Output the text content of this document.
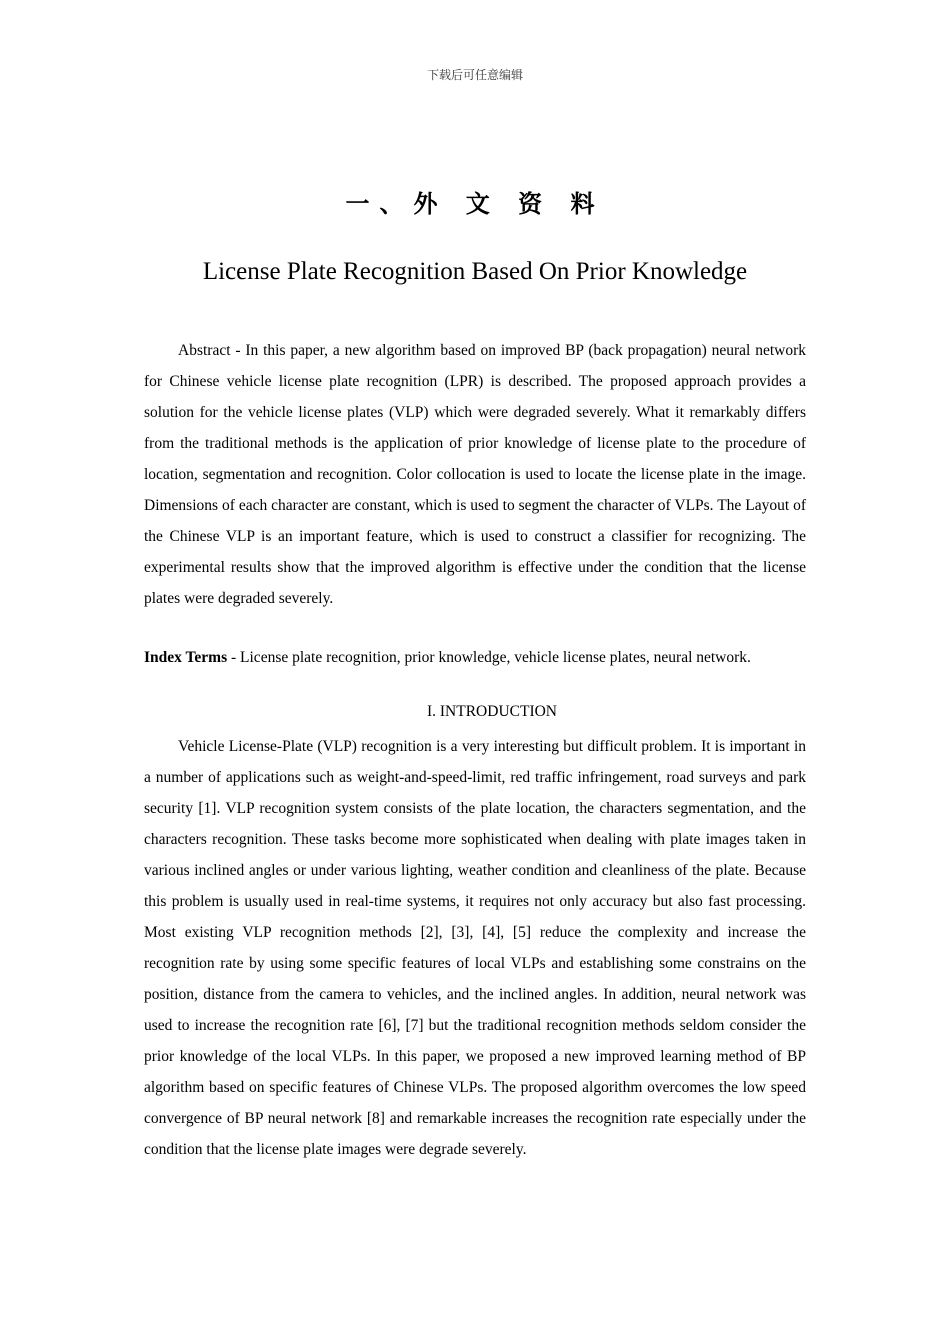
下载后可任意编辑
一、外 文 资 料
License Plate Recognition Based On Prior Knowledge

Abstract - In this paper, a new algorithm based on improved BP (back propagation) neural network for Chinese vehicle license plate recognition (LPR) is described. The proposed approach provides a solution for the vehicle license plates (VLP) which were degraded severely. What it remarkably differs from the traditional methods is the application of prior knowledge of license plate to the procedure of location, segmentation and recognition. Color collocation is used to locate the license plate in the image. Dimensions of each character are constant, which is used to segment the character of VLPs. The Layout of the Chinese VLP is an important feature, which is used to construct a classifier for recognizing. The experimental results show that the improved algorithm is effective under the condition that the license plates were degraded severely.

Index Terms - License plate recognition, prior knowledge, vehicle license plates, neural network.

I. INTRODUCTION

Vehicle License-Plate (VLP) recognition is a very interesting but difficult problem. It is important in a number of applications such as weight-and-speed-limit, red traffic infringement, road surveys and park security [1]. VLP recognition system consists of the plate location, the characters segmentation, and the characters recognition. These tasks become more sophisticated when dealing with plate images taken in various inclined angles or under various lighting, weather condition and cleanliness of the plate. Because this problem is usually used in real-time systems, it requires not only accuracy but also fast processing. Most existing VLP recognition methods [2], [3], [4], [5] reduce the complexity and increase the recognition rate by using some specific features of local VLPs and establishing some constrains on the position, distance from the camera to vehicles, and the inclined angles. In addition, neural network was used to increase the recognition rate [6], [7] but the traditional recognition methods seldom consider the prior knowledge of the local VLPs. In this paper, we proposed a new improved learning method of BP algorithm based on specific features of Chinese VLPs. The proposed algorithm overcomes the low speed convergence of BP neural network [8] and remarkable increases the recognition rate especially under the condition that the license plate images were degrade severely.
